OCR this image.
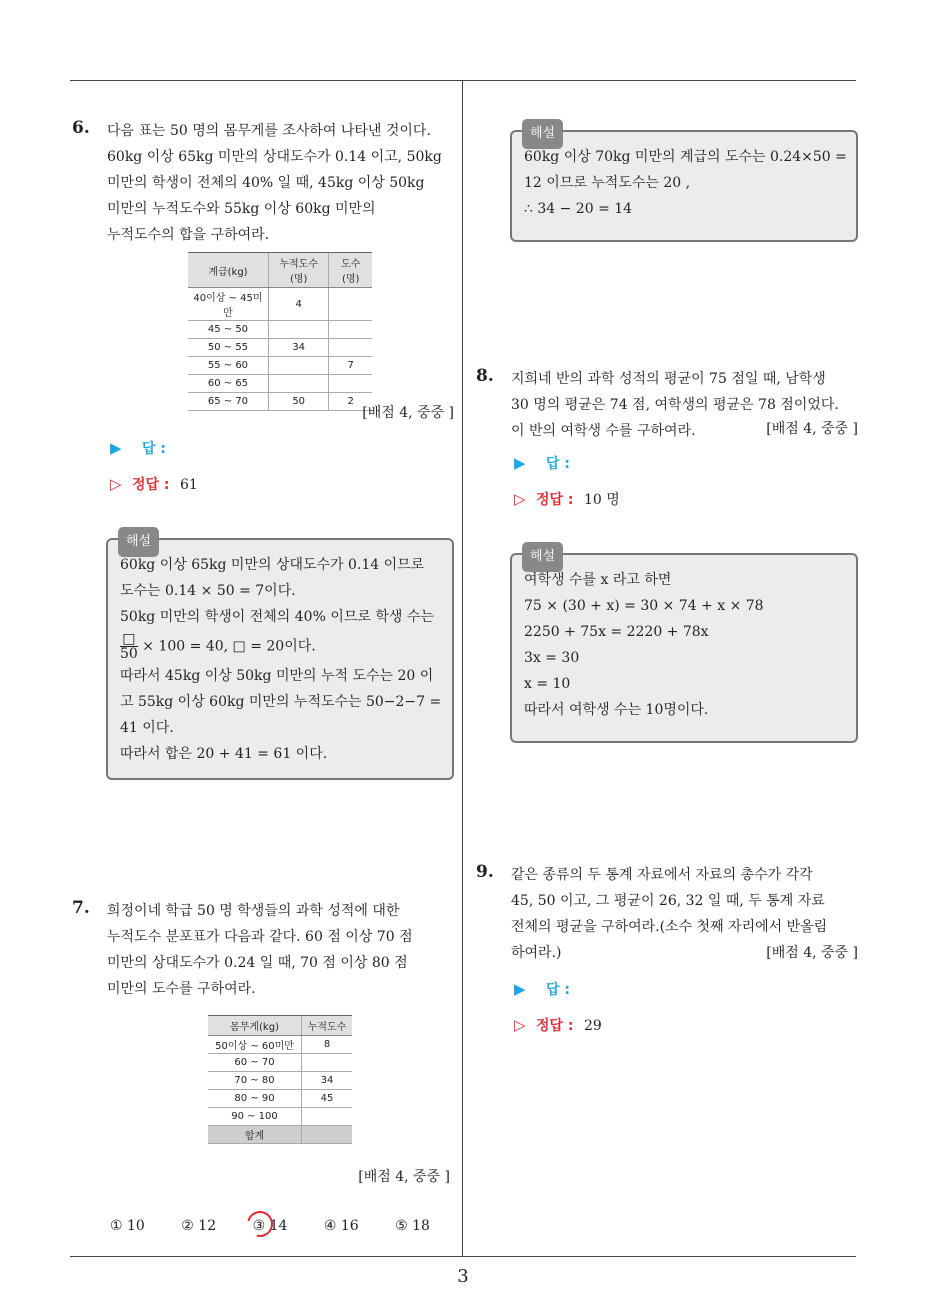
6. 다음 표는 50 명의 몸무게를 조사하여 나타낸 것이다.
60kg 이상 65kg 미만의 상대도수가 0.14 이고, 50kg
미만의 학생이 전체의 40% 일 때, 45kg 이상 50kg
미만의 누적도수와 55kg 이상 60kg 미만의
누적도수의 합을 구하여라.
계급(kg)	누적도수(명)	도수(명)
40이상 ~ 45미만	4	
45 ~ 50		
50 ~ 55	34	
55 ~ 60		7
60 ~ 65		
65 ~ 70	50	2
[배점 4, 중중 ]
▶ 답 :
▷ 정답 : 61
해설
60kg 이상 65kg 미만의 상대도수가 0.14 이므로
도수는 0.14 × 50 = 7이다.
50kg 미만의 학생이 전체의 40% 이므로 학생 수는
$\frac{□}{50} \times 100 = 40$, □ = 20이다.
따라서 45kg 이상 50kg 미만의 누적 도수는 20 이
고 55kg 이상 60kg 미만의 누적도수는 50−2−7 =
41 이다.
따라서 합은 20 + 41 = 61 이다.
7. 희정이네 학급 50 명 학생들의 과학 성적에 대한
누적도수 분포표가 다음과 같다. 60 점 이상 70 점
미만의 상대도수가 0.24 일 때, 70 점 이상 80 점
미만의 도수를 구하여라.
몸무게(kg)	누적도수
50이상 ~ 60미만	8
60 ~ 70	
70 ~ 80	34
80 ~ 90	45
90 ~ 100	
합계	
[배점 4, 중중 ]
① 10	② 12	③ 14	④ 16	⑤ 18
해설
60kg 이상 70kg 미만의 계급의 도수는 0.24×50 =
12 이므로 누적도수는 20 ,
∴ 34 − 20 = 14
8. 지희네 반의 과학 성적의 평균이 75 점일 때, 남학생
30 명의 평균은 74 점, 여학생의 평균은 78 점이었다.
이 반의 여학생 수를 구하여라.	[배점 4, 중중 ]
▶ 답 :
▷ 정답 : 10 명
해설
여학생 수를 x 라고 하면
75 × (30 + x) = 30 × 74 + x × 78
2250 + 75x = 2220 + 78x
3x = 30
x = 10
따라서 여학생 수는 10명이다.
9. 같은 종류의 두 통계 자료에서 자료의 총수가 각각
45, 50 이고, 그 평균이 26, 32 일 때, 두 통계 자료
전체의 평균을 구하여라.(소수 첫째 자리에서 반올림
하여라.)	[배점 4, 중중 ]
▶ 답 :
▷ 정답 : 29
3
